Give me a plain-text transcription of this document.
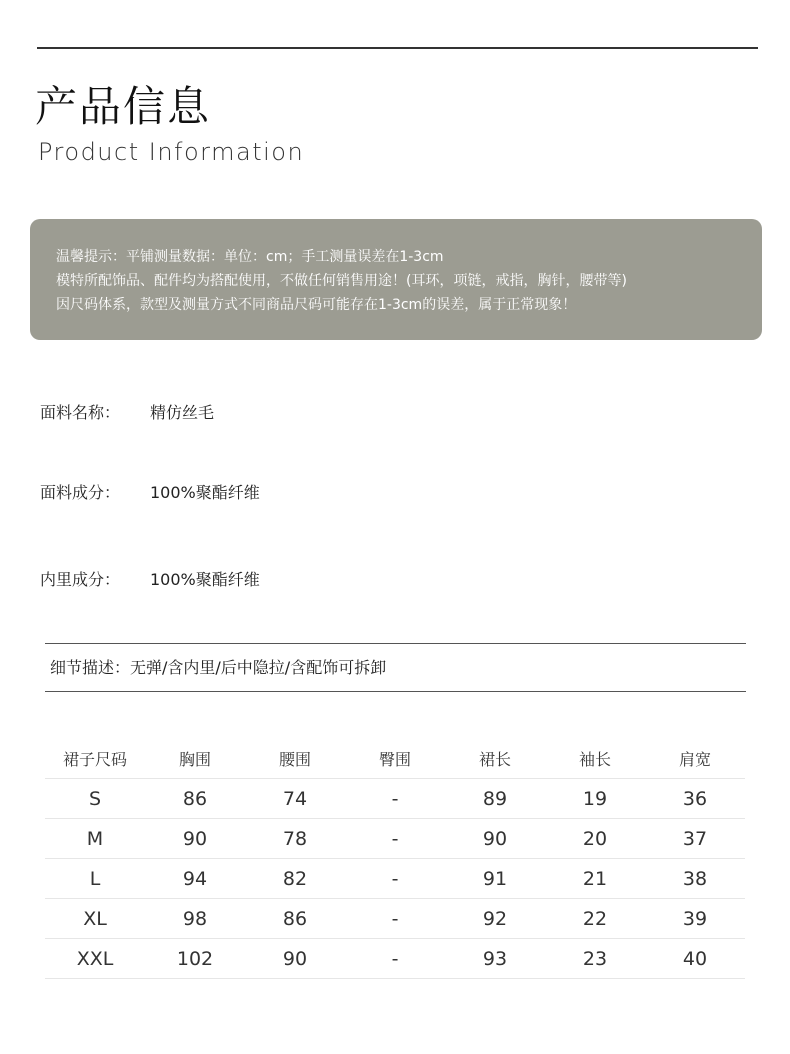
产品信息
Product Information
温馨提示：平铺测量数据：单位：cm；手工测量误差在1-3cm
模特所配饰品、配件均为搭配使用，不做任何销售用途！(耳环，项链，戒指，胸针，腰带等)
因尺码体系，款型及测量方式不同商品尺码可能存在1-3cm的误差，属于正常现象！
面料名称： 精仿丝毛
面料成分： 100%聚酯纤维
内里成分： 100%聚酯纤维
细节描述：无弹/含内里/后中隐拉/含配饰可拆卸
裙子尺码	胸围	腰围	臀围	裙长	袖长	肩宽
S	86	74	-	89	19	36
M	90	78	-	90	20	37
L	94	82	-	91	21	38
XL	98	86	-	92	22	39
XXL	102	90	-	93	23	40
